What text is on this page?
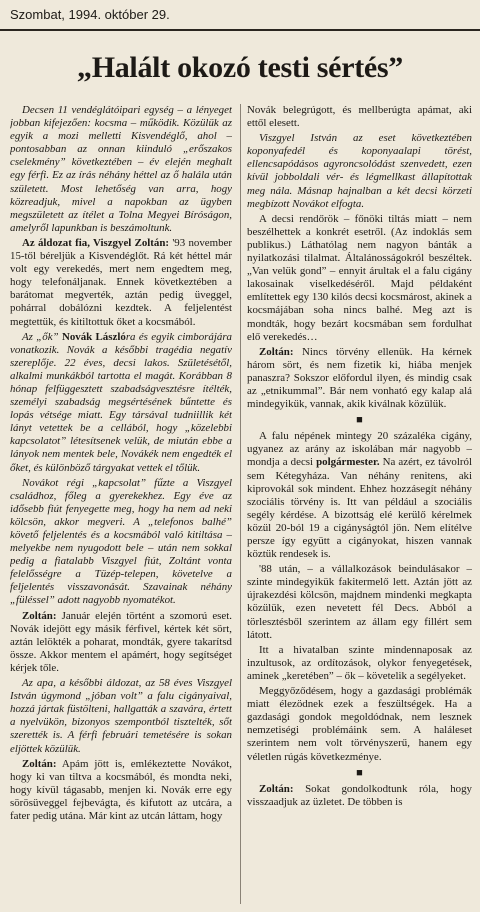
Szombat, 1994. október 29.
„Halált okozó testi sértés”

Decsen 11 vendéglátóipari egység – a lényeget jobban kifejezően: kocsma – működik. Közülük az egyik a mozi melletti Kisvendéglő, ahol – pontosabban az onnan kiinduló „erőszakos cselekmény” következtében – év elején meghalt egy férfi. Ez az írás néhány héttel az ő halála után született. Most lehetőség van arra, hogy közreadjuk, mivel a napokban az ügyben megszületett az ítélet a Tolna Megyei Bíróságon, amelyről lapunkban is beszámoltunk.

Az áldozat fia, Viszgyel Zoltán: '93 november 15-től béreljük a Kisvendéglőt. Rá két héttel már volt egy verekedés, mert nem engedtem meg, hogy telefonáljanak. Ennek következtében a barátomat megverték, aztán pedig üveggel, pohárral dobálózni kezdtek. A feljelentést megtettük, és kitiltottuk őket a kocsmából.

Az „ők” Novák Lászlóra és egyik cimborájára vonatkozik. Novák a későbbi tragédia negatív szereplője. 22 éves, decsi lakos. Születésétől, alkalmi munkákból tartotta el magát. Korábban 8 hónap felfüggesztett szabadságvesztésre ítélték, személyi szabadság megsértésének bűntette és lopás vétsége miatt. Egy társával tudniillik két lányt vetettek be a cellából, hogy „közelebbi kapcsolatot” létesítsenek velük, de miután ebbe a lányok nem mentek bele, Novákék nem engedték el őket, és különböző tárgyakat vettek el tőlük.

Novákot régi „kapcsolat” fűzte a Viszgyel családhoz, főleg a gyerekekhez. Egy éve az idősebb fiút fenyegette meg, hogy ha nem ad neki kölcsön, akkor megveri. A „telefonos balhé” követő feljelentés és a kocsmából való kitiltása – melyekbe nem nyugodott bele – után nem sokkal pedig a fiatalabb Viszgyel fiút, Zoltánt vonta felelősségre a Tüzép-telepen, követelve a feljelentés visszavonását. Szavainak néhány „füléssel” adott nagyobb nyomatékot.

Zoltán: Január elején történt a szomorú eset. Novák idejött egy másik férfivel, kértek két sört, aztán lelökték a poharat, mondták, gyere takarítsd össze. Akkor mentem el apámért, hogy segítséget kérjek tőle.

Az apa, a későbbi áldozat, az 58 éves Viszgyel István úgymond „jóban volt” a falu cigányaival, hozzá jártak füstölteni, hallgatták a szavára, értett a nyelvükön, bizonyos szempontból tisztelték, sőt szerették is. A férfi februári temetésére is sokan eljöttek közülük.

Zoltán: Apám jött is, emlékeztette Novákot, hogy ki van tiltva a kocsmából, és mondta neki, hogy kívül tágasabb, menjen ki. Novák erre egy sörösüveggel fejbevágta, és kifutott az utcára, a fater pedig utána. Már kint az utcán láttam, hogy

Novák belegrúgott, és mellberúgta apámat, aki ettől elesett.

Viszgyel István az eset következtében koponyafedél és koponyaalapi törést, ellencsapódásos agyroncsolódást szenvedett, ezen kívül jobboldali vér- és légmellkast állapítottak meg nála. Másnap hajnalban a két decsi körzeti megbízott Novákot elfogta.

A decsi rendőrök – főnöki tiltás miatt – nem beszélhettek a konkrét esetről. (Az indoklás sem publikus.) Láthatólag nem nagyon bánták a nyilatkozási tilalmat. Általánosságokról beszéltek. „Van velük gond” – ennyit árultak el a falu cigány lakosainak viselkedéséről. Majd példaként említettek egy 130 kilós decsi kocsmárost, akinek a kocsmájában soha nincs balhé. Meg azt is mondták, hogy bezárt kocsmában sem fordulhat elő verekedés…

Zoltán: Nincs törvény ellenük. Ha kérnek három sört, és nem fizetik ki, hiába menjek panaszra? Sokszor előfordul ilyen, és mindig csak az „etnikummal”. Bár nem vonható egy kalap alá mindegyikük, vannak, akik kiválnak közülük.

■

A falu népének mintegy 20 százaléka cigány, ugyanez az arány az iskolában már nagyobb – mondja a decsi polgármester. Na azért, ez távolról sem Kétegyháza. Van néhány renitens, aki kiprovokál sok mindent. Ehhez hozzásegít néhány szociális törvény is. Itt van például a szociális segély kérdése. A bizottság elé kerülő kérelmek közül 20-ból 19 a cigányságtól jön. Nem elítélve persze így együtt a cigányokat, hiszen vannak köztük rendesek is.

'88 után, – a vállalkozások beindulásakor – szinte mindegyikük fakitermelő lett. Aztán jött az újrakezdési kölcsön, majdnem mindenki megkapta közülük, ezen nevetett fél Decs. Abból a törlesztésből szerintem az állam egy fillért sem látott.

Itt a hivatalban szinte mindennaposak az inzultusok, az ordítozások, olykor fenyegetések, aminek „keretében” – ők – követelik a segélyeket.

Meggyőződésem, hogy a gazdasági problémák miatt élezödnek ezek a feszültségek. Ha a gazdasági gondok megoldódnak, nem lesznek nemzetiségi problémáink sem. A haláleset szerintem nem volt törvényszerű, hanem egy véletlen rúgás következménye.

■

Zoltán: Sokat gondolkodtunk róla, hogy visszaadjuk az üzletet. De többen is
